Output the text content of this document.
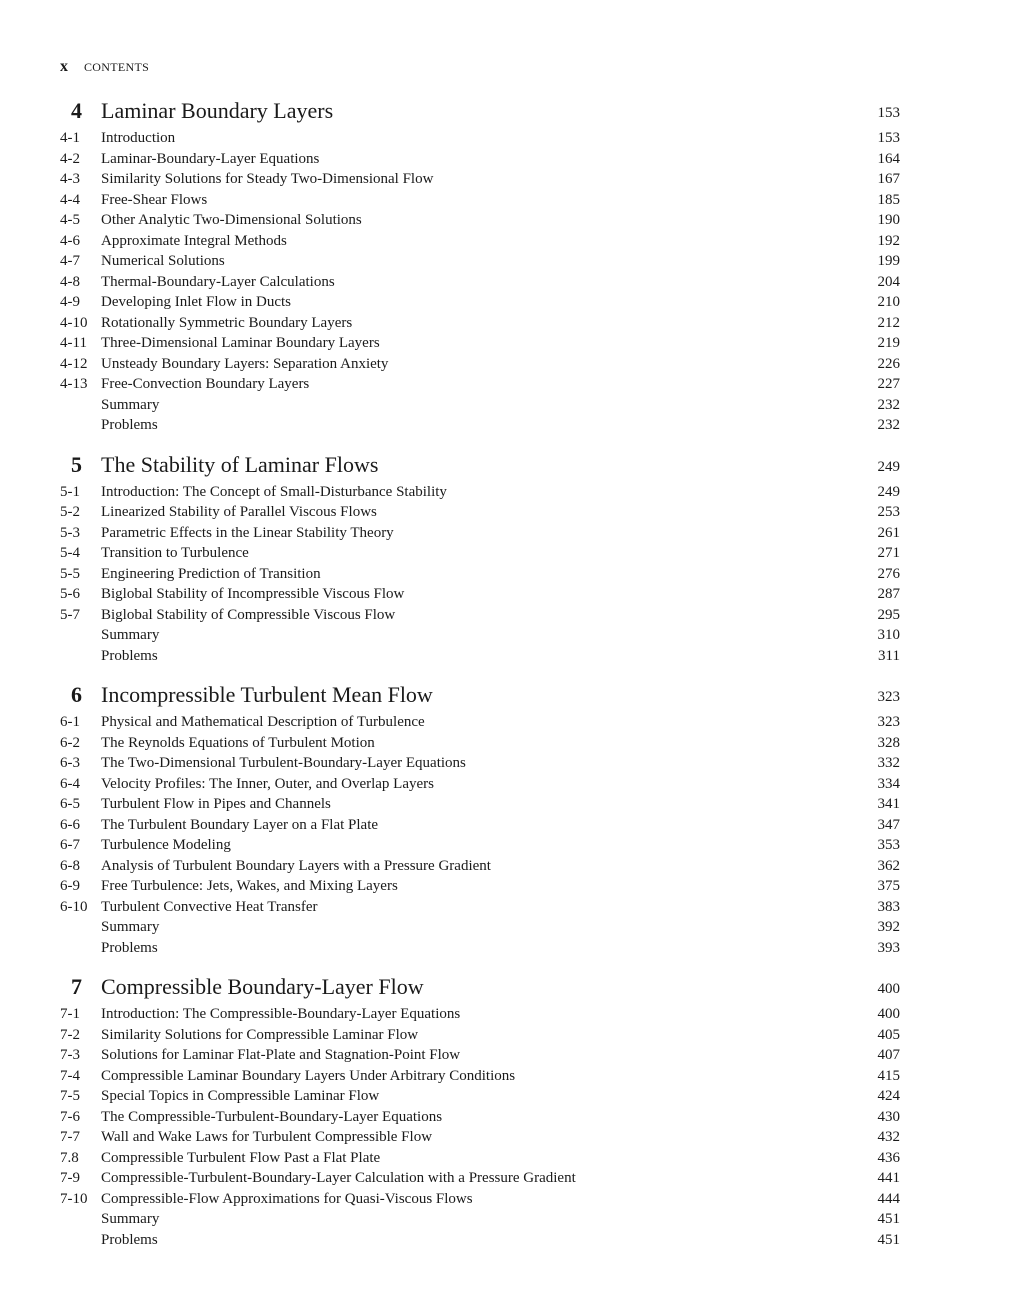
x	CONTENTS
4 Laminar Boundary Layers	153
4-1 Introduction	153
4-2 Laminar-Boundary-Layer Equations	164
4-3 Similarity Solutions for Steady Two-Dimensional Flow	167
4-4 Free-Shear Flows	185
4-5 Other Analytic Two-Dimensional Solutions	190
4-6 Approximate Integral Methods	192
4-7 Numerical Solutions	199
4-8 Thermal-Boundary-Layer Calculations	204
4-9 Developing Inlet Flow in Ducts	210
4-10 Rotationally Symmetric Boundary Layers	212
4-11 Three-Dimensional Laminar Boundary Layers	219
4-12 Unsteady Boundary Layers: Separation Anxiety	226
4-13 Free-Convection Boundary Layers	227
Summary	232
Problems	232
5 The Stability of Laminar Flows	249
5-1 Introduction: The Concept of Small-Disturbance Stability	249
5-2 Linearized Stability of Parallel Viscous Flows	253
5-3 Parametric Effects in the Linear Stability Theory	261
5-4 Transition to Turbulence	271
5-5 Engineering Prediction of Transition	276
5-6 Biglobal Stability of Incompressible Viscous Flow	287
5-7 Biglobal Stability of Compressible Viscous Flow	295
Summary	310
Problems	311
6 Incompressible Turbulent Mean Flow	323
6-1 Physical and Mathematical Description of Turbulence	323
6-2 The Reynolds Equations of Turbulent Motion	328
6-3 The Two-Dimensional Turbulent-Boundary-Layer Equations	332
6-4 Velocity Profiles: The Inner, Outer, and Overlap Layers	334
6-5 Turbulent Flow in Pipes and Channels	341
6-6 The Turbulent Boundary Layer on a Flat Plate	347
6-7 Turbulence Modeling	353
6-8 Analysis of Turbulent Boundary Layers with a Pressure Gradient	362
6-9 Free Turbulence: Jets, Wakes, and Mixing Layers	375
6-10 Turbulent Convective Heat Transfer	383
Summary	392
Problems	393
7 Compressible Boundary-Layer Flow	400
7-1 Introduction: The Compressible-Boundary-Layer Equations	400
7-2 Similarity Solutions for Compressible Laminar Flow	405
7-3 Solutions for Laminar Flat-Plate and Stagnation-Point Flow	407
7-4 Compressible Laminar Boundary Layers Under Arbitrary Conditions	415
7-5 Special Topics in Compressible Laminar Flow	424
7-6 The Compressible-Turbulent-Boundary-Layer Equations	430
7-7 Wall and Wake Laws for Turbulent Compressible Flow	432
7.8 Compressible Turbulent Flow Past a Flat Plate	436
7-9 Compressible-Turbulent-Boundary-Layer Calculation with a Pressure Gradient	441
7-10 Compressible-Flow Approximations for Quasi-Viscous Flows	444
Summary	451
Problems	451
